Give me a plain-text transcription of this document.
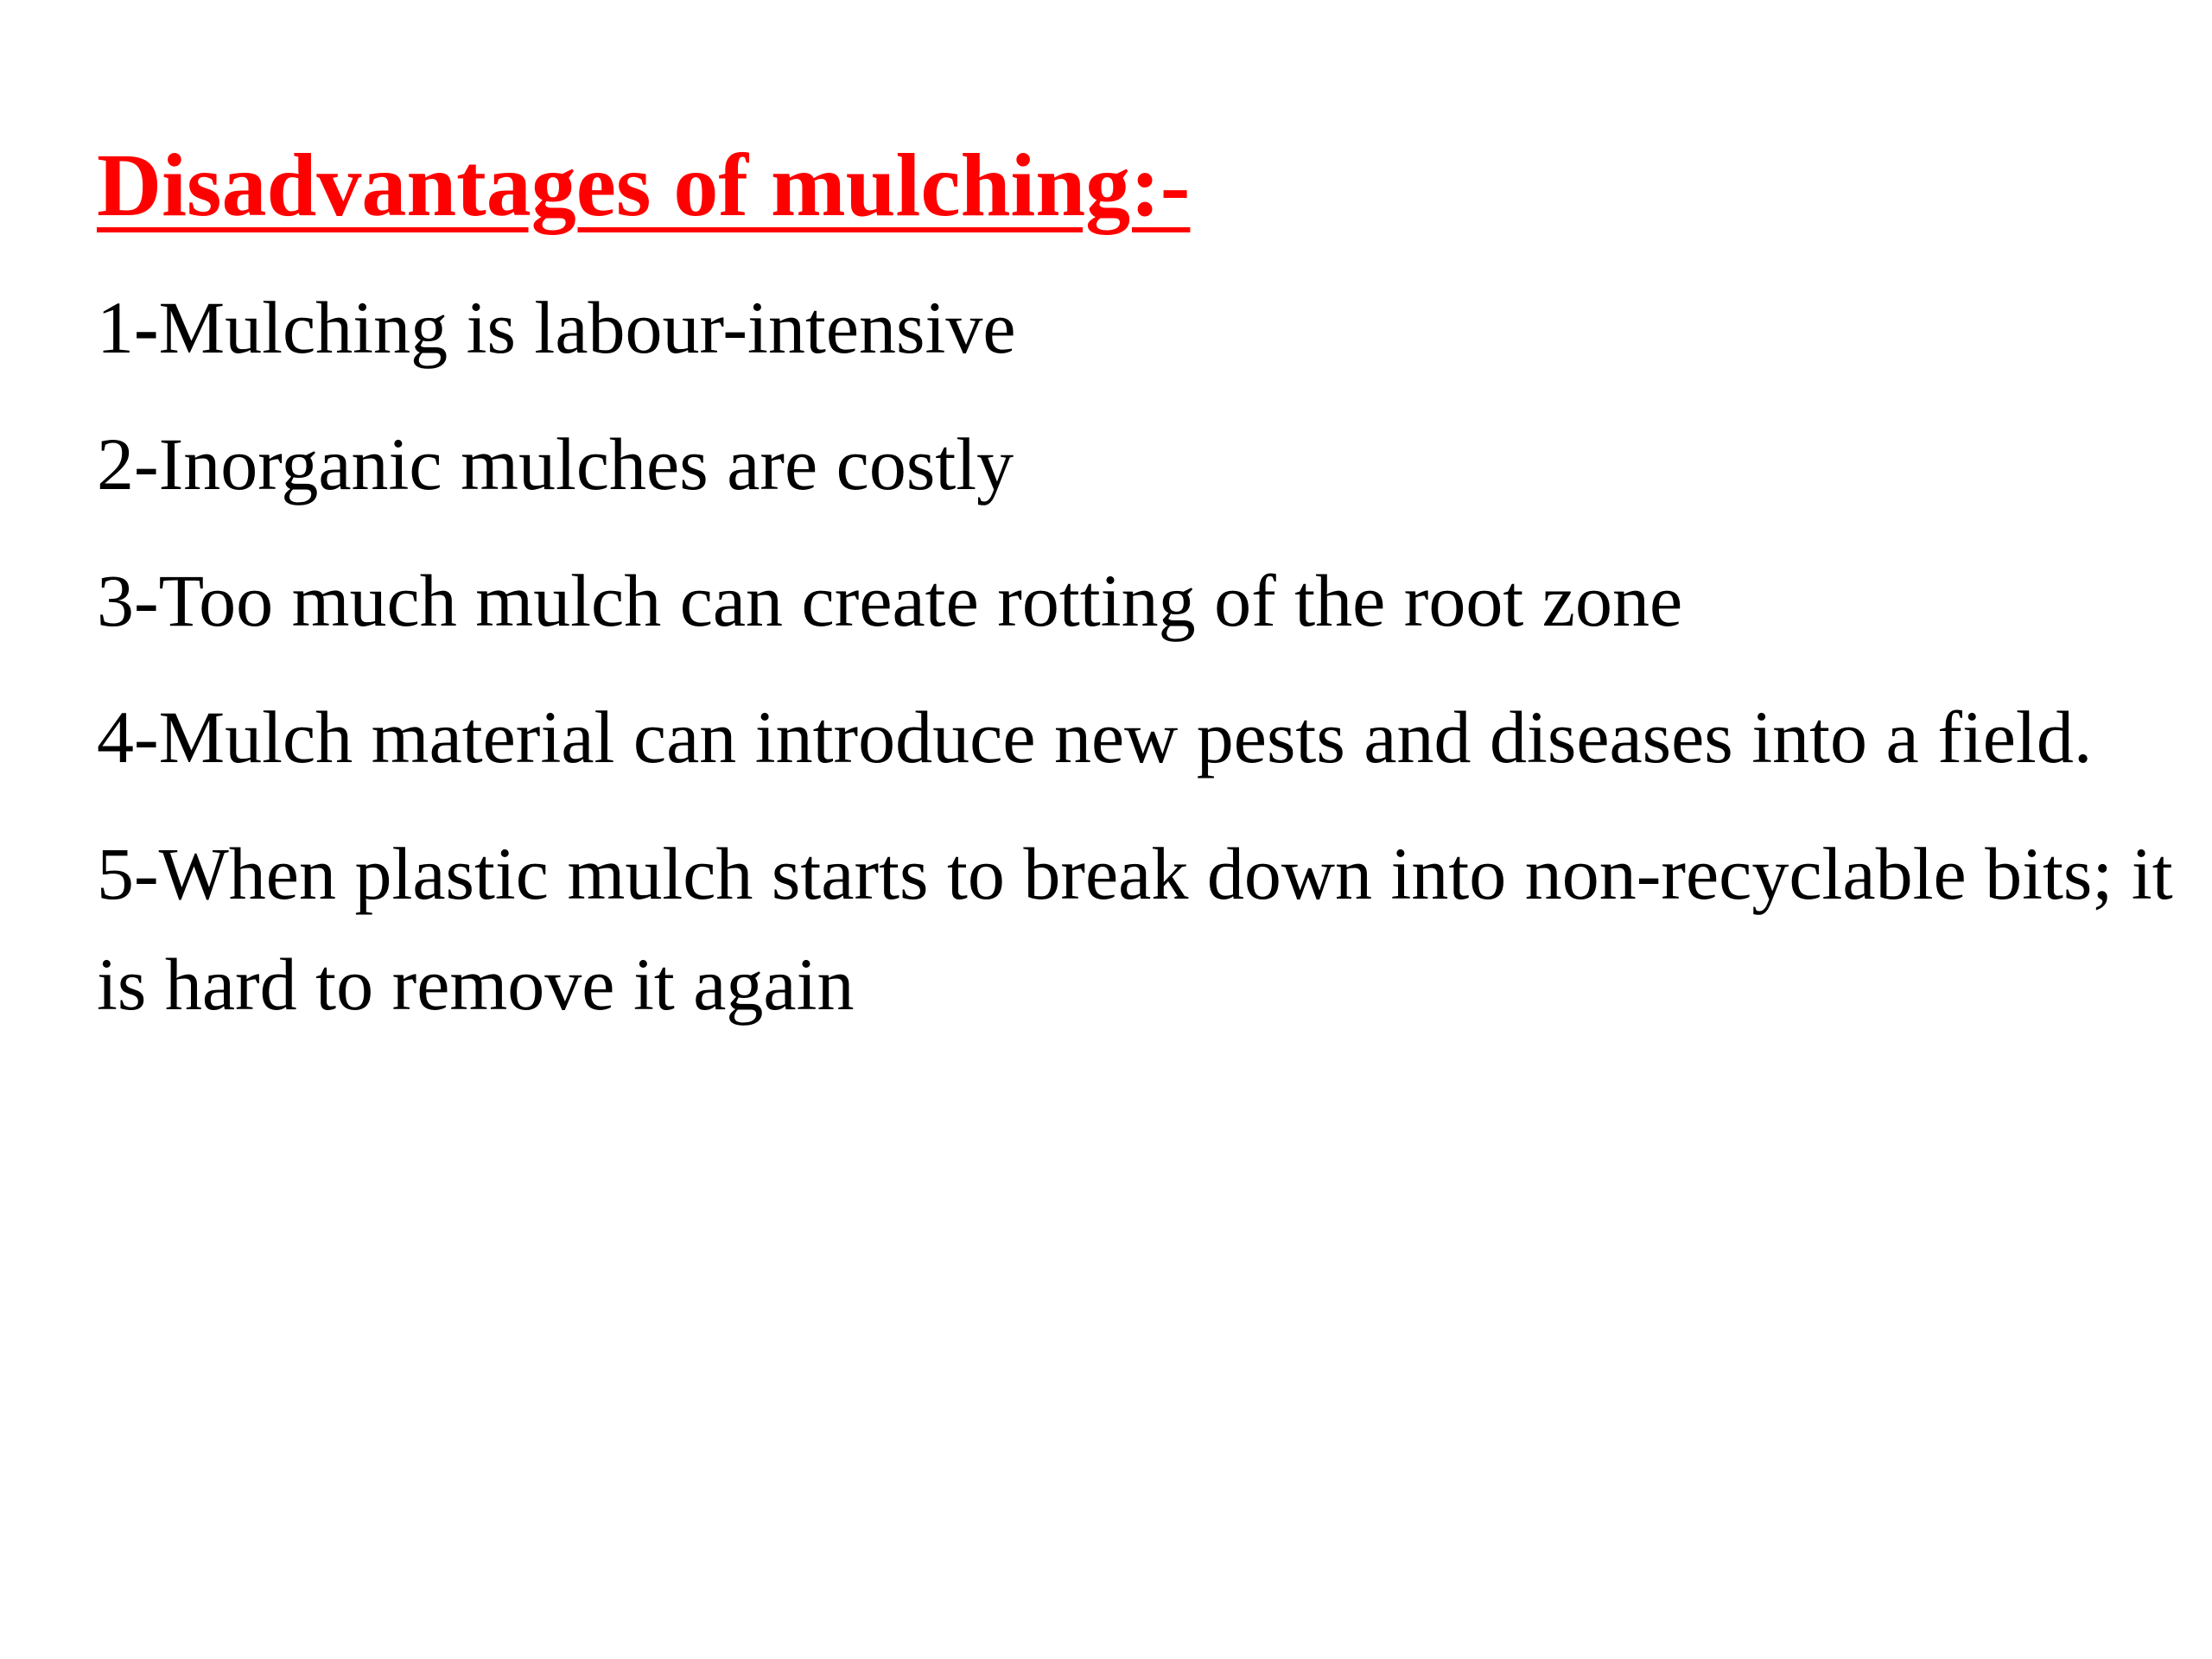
Disadvantages of mulching:-
1-Mulching is labour-intensive
2-Inorganic mulches are costly
3-Too much mulch can create rotting of the root zone
4-Mulch material can introduce new pests and diseases into a field.
5-When plastic mulch starts to break down into non-recyclable bits; it is hard to remove it again
